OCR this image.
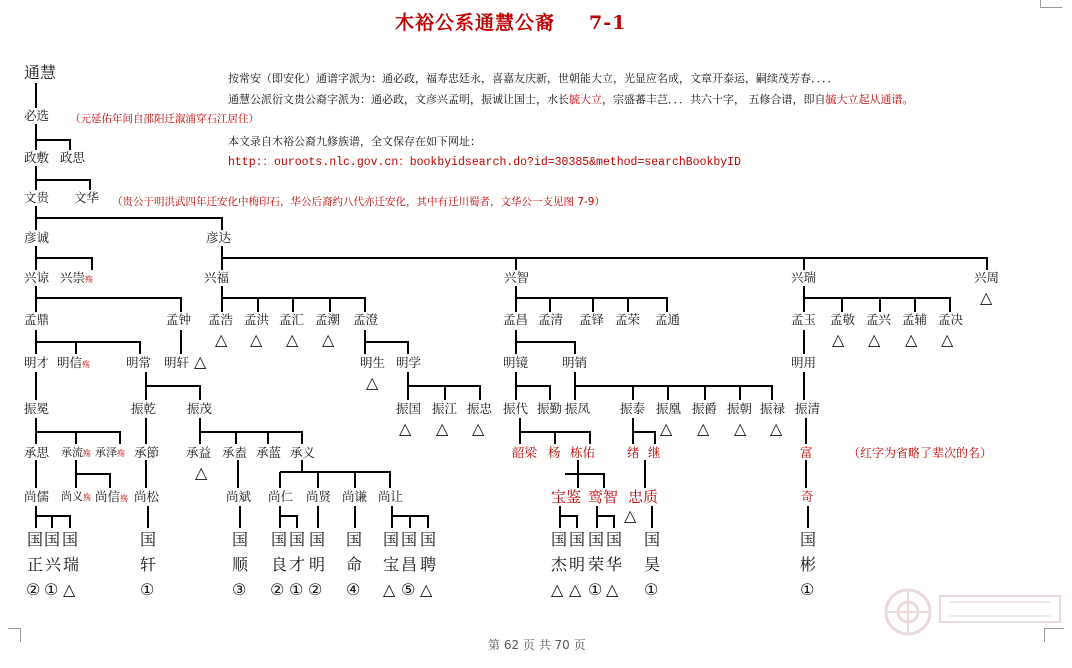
木裕公系通慧公裔 7-1
按常安（即安化）通谱字派为：通必政，福寿忠廷永，喜嘉友庆新，世朝能大立，光显应名成，文章开泰运，嗣续茂芳春．．．．
通慧公派衍文贵公裔字派为：通必政，文彦兴孟明，振诚让国士，水长毓大立，宗盛蕃丰芑．．．共六十字， 五修合谱，即自毓大立起从通谱。
本文录自木裕公裔九修族谱，全文保存在如下网址：
http:：ouroots.nlc.gov.cn：bookbyidsearch.do?id=30385&method=searchBookbyID
（元延佑年间自邵阳迁溆浦穿石江居住）
（贵公于明洪武四年迁安化中梅印石，华公后裔约八代亦迁安化，其中有迁川蜀者，文华公一支见图 7-9）
（红字为省略了辈次的名）
通慧
必选
政敷 政思
文贵 文华
彦诚	彦达
兴谅 兴崇殇	兴福	兴智	兴瑞	兴周
△
孟鼎	孟钟 孟浩 孟洪 孟汇 孟潮 孟澄
△ △ △ △
孟昌 孟清 孟铎 孟荣 孟通	孟玉 孟敬 孟兴 孟辅 孟决
△ △ △ △
明才 明信殇	明常 明轩 △	明生
△
明学	明镜	明销	明用
振冕	振乾 振茂	振国 振江 振忠
△ △ △
振代 振勤 振凤 振泰 振凰 振爵 振朝 振禄 振清
△ △ △ △
承思 承流殇 承泽殇 承節 承益
△
承盍 承蓝 承义	韶梁 杨 栋佑	绪 继	富
尚儒 尚义殇 尚信殇 尚松	尚斌 尚仁 尚贤 尚谦 尚让	宝鉴 鸾智 忠质
△
奇
国 国 国	国	国 国 国 国 国 国 国 国	国 国 国 国 国	国
正 兴 瑞	轩	顺 良 才 明 命 宝 昌 聘	杰 明 荣 华 昊	彬
② ① △	①	③ ② ① ② ④ △ ⑤ △	△ △ ① △ ①	①
第 62 页 共 70 页
